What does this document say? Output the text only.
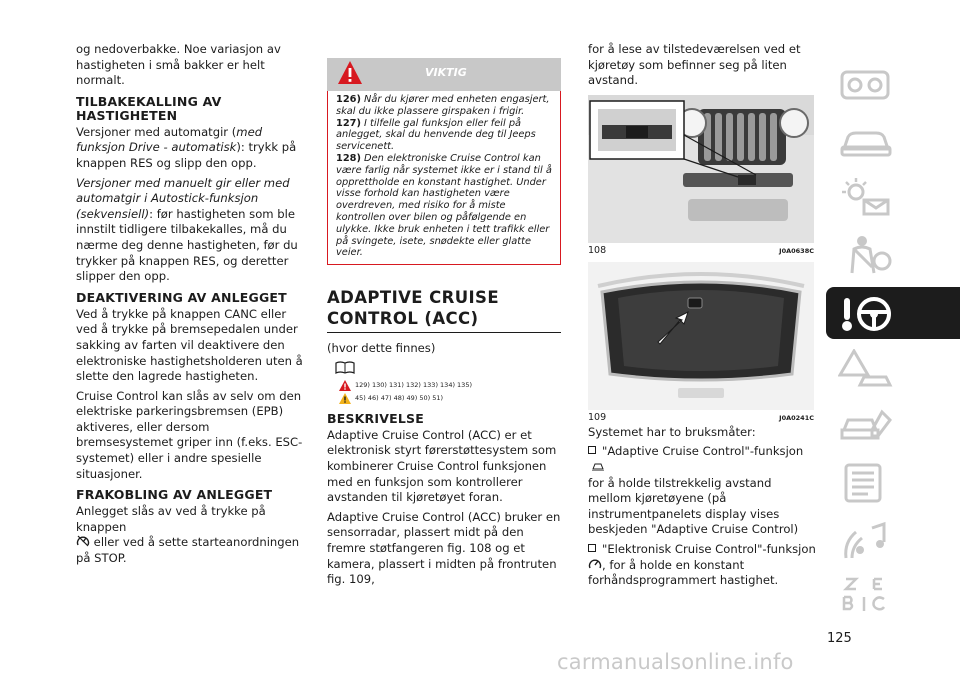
og nedoverbakke. Noe variasjon av hastigheten i små bakker er helt normalt.

TILBAKEKALLING AV HASTIGHETEN

Versjoner med automatgir (med funksjon Drive - automatisk): trykk på knappen RES og slipp den opp.

Versjoner med manuelt gir eller med automatgir i Autostick-funksjon (sekvensiell): før hastigheten som ble innstilt tidligere tilbakekalles, må du nærme deg denne hastigheten, før du trykker på knappen RES, og deretter slipper den opp.

DEAKTIVERING AV ANLEGGET

Ved å trykke på knappen CANC eller ved å trykke på bremsepedalen under sakking av farten vil deaktivere den elektroniske hastighetsholderen uten å slette den lagrede hastigheten.

Cruise Control kan slås av selv om den elektriske parkeringsbremsen (EPB) aktiveres, eller dersom bremsesystemet griper inn (f.eks. ESC-systemet) eller i andre spesielle situasjoner.

FRAKOBLING AV ANLEGGET

Anlegget slås av ved å trykke på knappen
eller ved å sette starteanordningen på STOP.

VIKTIG
126) Når du kjører med enheten engasjert, skal du ikke plassere girspaken i frigir.
127) I tilfelle gal funksjon eller feil på anlegget, skal du henvende deg til Jeeps servicenett.
128) Den elektroniske Cruise Control kan være farlig når systemet ikke er i stand til å opprettholde en konstant hastighet. Under visse forhold kan hastigheten være overdreven, med risiko for å miste kontrollen over bilen og påfølgende en ulykke. Ikke bruk enheten i tett trafikk eller på svingete, isete, snødekte eller glatte veier.
ADAPTIVE CRUISE CONTROL (ACC)

(hvor dette finnes)

129) 130) 131) 132) 133) 134) 135)
45) 46) 47) 48) 49) 50) 51)
BESKRIVELSE

Adaptive Cruise Control (ACC) er et elektronisk styrt førerstøttesystem som kombinerer Cruise Control funksjonen med en funksjon som kontrollerer avstanden til kjøretøyet foran.

Adaptive Cruise Control (ACC) bruker en sensorradar, plassert midt på den fremre støtfangeren fig. 108 og et kamera, plassert i midten på frontruten fig. 109,

for å lese av tilstedeværelsen ved et kjøretøy som befinner seg på liten avstand.

108	J0A0638C
109	J0A0241C

Systemet har to bruksmåter:

"Adaptive Cruise Control"-funksjon

for å holde tilstrekkelig avstand mellom kjøretøyene (på instrumentpanelets display vises beskjeden "Adaptive Cruise Control)

"Elektronisk Cruise Control"-funksjon
, for å holde en konstant forhåndsprogrammert hastighet.

125
carmanualsonline.info
